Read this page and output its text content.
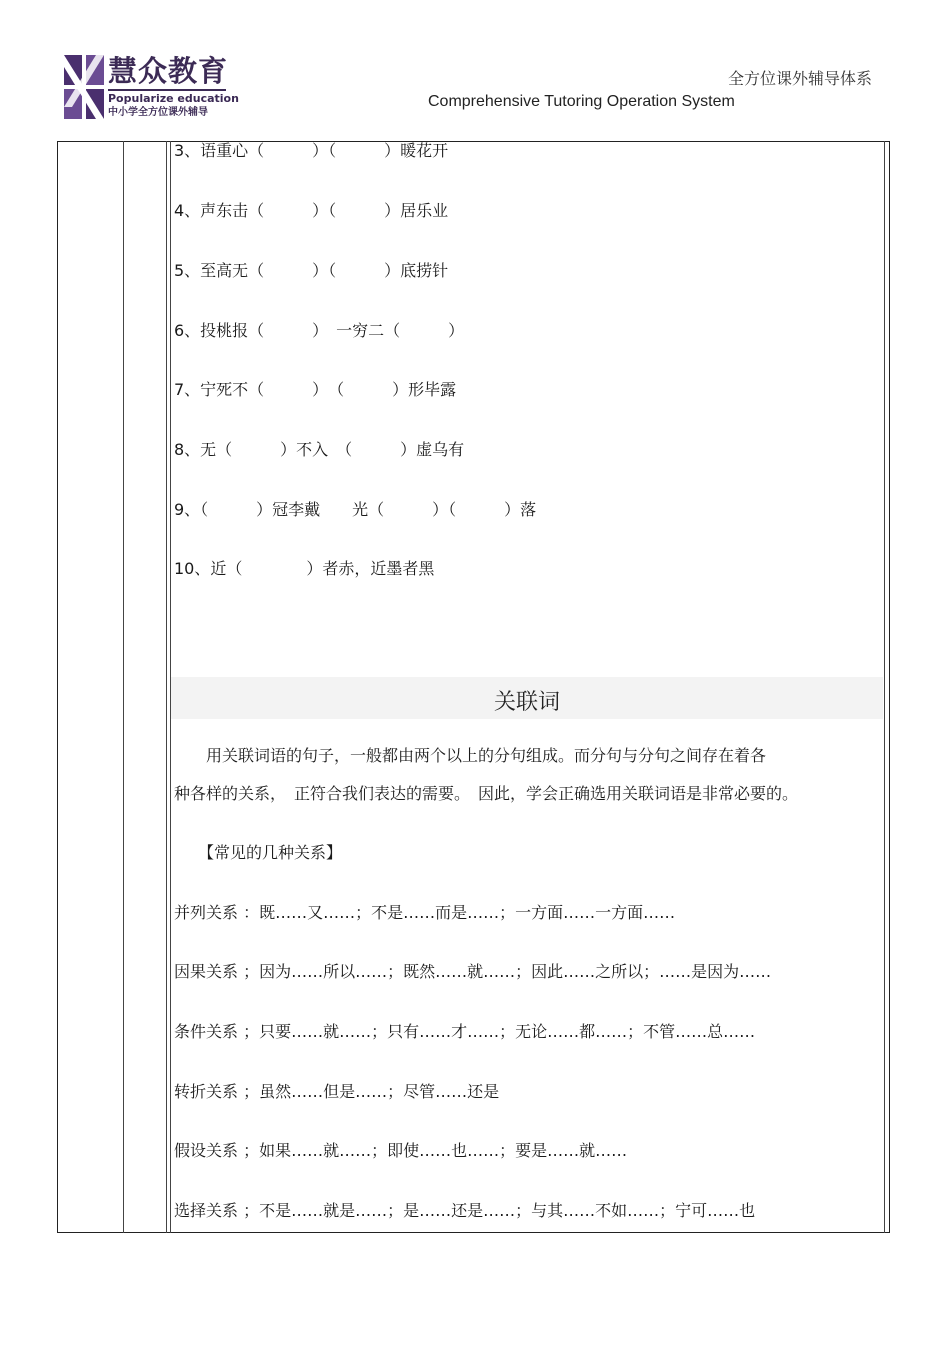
慧众教育
Popularize education
中小学全方位课外辅导
全方位课外辅导体系
Comprehensive Tutoring Operation System
3、语重心（　　　）（　　　）暖花开
4、声东击（　　　）（　　　）居乐业
5、至高无（　　　）（　　　）底捞针
6、投桃报（　　　）　一穷二（　　　）
7、宁死不（　　　）　（　　　）形毕露
8、无（　　　）不入　（　　　）虚乌有
9、（　　　）冠李戴　　光（　　　）（　　　）落
10、近（　　　　）者赤，近墨者黑
关联词
　　用关联词语的句子，一般都由两个以上的分句组成。而分句与分句之间存在着各
种各样的关系，　正符合我们表达的需要。　因此，学会正确选用关联词语是非常必要的。
　　【常见的几种关系】
并列关系 ：既……又……；不是……而是……；一方面……一方面……
因果关系 ；因为……所以……；既然……就……；因此……之所以；……是因为……
条件关系 ；只要……就……；只有……才……；无论……都……；不管……总……
转折关系 ；虽然……但是……；尽管……还是
假设关系 ；如果……就……；即使……也……；要是……就……
选择关系 ；不是……就是……；是……还是……；与其……不如……；宁可……也
